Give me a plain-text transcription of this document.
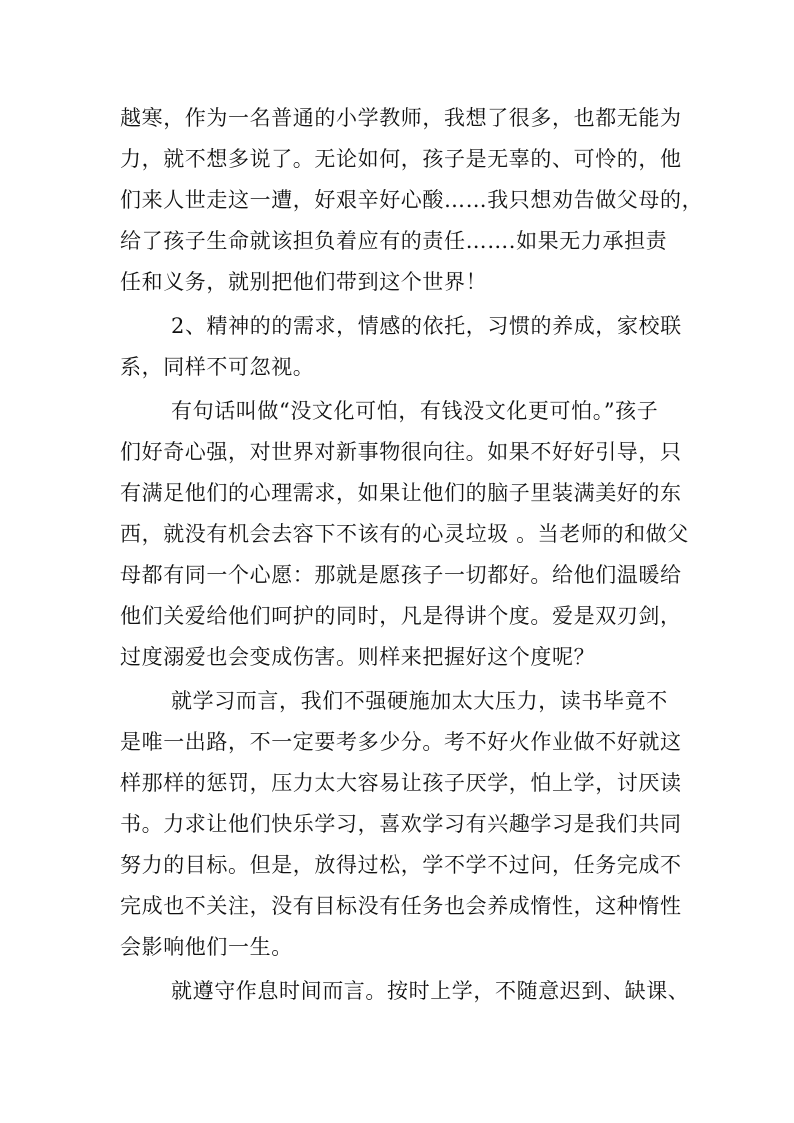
越寒，作为一名普通的小学教师，我想了很多，也都无能为
力，就不想多说了。无论如何，孩子是无辜的、可怜的，他
们来人世走这一遭，好艰辛好心酸……我只想劝告做父母的，
给了孩子生命就该担负着应有的责任…….如果无力承担责
任和义务，就别把他们带到这个世界！
2、精神的的需求，情感的依托，习惯的养成，家校联
系，同样不可忽视。
有句话叫做“没文化可怕，有钱没文化更可怕。”孩子
们好奇心强，对世界对新事物很向往。如果不好好引导，只
有满足他们的心理需求，如果让他们的脑子里装满美好的东
西，就没有机会去容下不该有的心灵垃圾 。当老师的和做父
母都有同一个心愿：那就是愿孩子一切都好。给他们温暖给
他们关爱给他们呵护的同时，凡是得讲个度。爱是双刃剑，
过度溺爱也会变成伤害。则样来把握好这个度呢？
就学习而言，我们不强硬施加太大压力，读书毕竟不
是唯一出路，不一定要考多少分。考不好火作业做不好就这
样那样的惩罚，压力太大容易让孩子厌学，怕上学，讨厌读
书。力求让他们快乐学习，喜欢学习有兴趣学习是我们共同
努力的目标。但是，放得过松，学不学不过问，任务完成不
完成也不关注，没有目标没有任务也会养成惰性，这种惰性
会影响他们一生。
就遵守作息时间而言。按时上学，不随意迟到、缺课、
